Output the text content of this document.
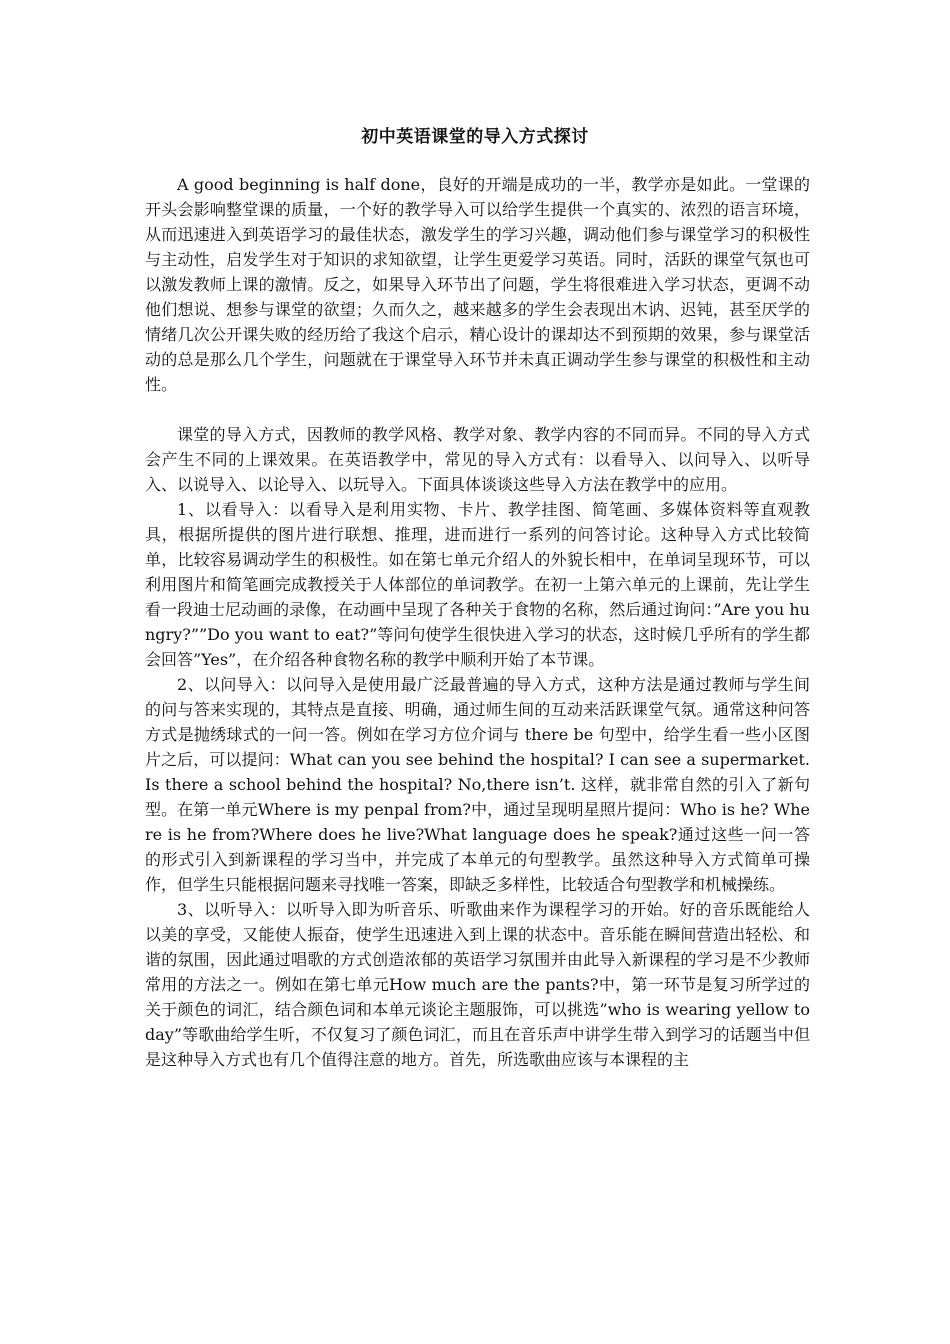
初中英语课堂的导入方式探讨

A good beginning is half done，良好的开端是成功的一半，教学亦是如此。一堂课的开头会影响整堂课的质量，一个好的教学导入可以给学生提供一个真实的、浓烈的语言环境，从而迅速进入到英语学习的最佳状态，激发学生的学习兴趣，调动他们参与课堂学习的积极性与主动性，启发学生对于知识的求知欲望，让学生更爱学习英语。同时，活跃的课堂气氛也可以激发教师上课的激情。反之，如果导入环节出了问题，学生将很难进入学习状态，更调不动他们想说、想参与课堂的欲望；久而久之，越来越多的学生会表现出木讷、迟钝，甚至厌学的情绪几次公开课失败的经历给了我这个启示，精心设计的课却达不到预期的效果，参与课堂活动的总是那么几个学生，问题就在于课堂导入环节并未真正调动学生参与课堂的积极性和主动性。

课堂的导入方式，因教师的教学风格、教学对象、教学内容的不同而异。不同的导入方式会产生不同的上课效果。在英语教学中，常见的导入方式有：以看导入、以问导入、以听导入、以说导入、以论导入、以玩导入。下面具体谈谈这些导入方法在教学中的应用。

1、以看导入：以看导入是利用实物、卡片、教学挂图、简笔画、多媒体资料等直观教具，根据所提供的图片进行联想、推理，进而进行一系列的问答讨论。这种导入方式比较简单，比较容易调动学生的积极性。如在第七单元介绍人的外貌长相中，在单词呈现环节，可以利用图片和简笔画完成教授关于人体部位的单词教学。在初一上第六单元的上课前，先让学生看一段迪士尼动画的录像，在动画中呈现了各种关于食物的名称，然后通过询问：”Are you hungry?””Do you want to eat?”等问句使学生很快进入学习的状态，这时候几乎所有的学生都会回答”Yes”，在介绍各种食物名称的教学中顺利开始了本节课。

2、以问导入：以问导入是使用最广泛最普遍的导入方式，这种方法是通过教师与学生间的问与答来实现的，其特点是直接、明确，通过师生间的互动来活跃课堂气氛。通常这种问答方式是抛绣球式的一问一答。例如在学习方位介词与 there be 句型中，给学生看一些小区图片之后，可以提问：What can you see behind the hospital? I can see a supermarket. Is there a school behind the hospital? No,there isn’t. 这样，就非常自然的引入了新句型。在第一单元Where is my penpal from?中，通过呈现明星照片提问：Who is he? Where is he from?Where does he live?What language does he speak?通过这些一问一答的形式引入到新课程的学习当中，并完成了本单元的句型教学。虽然这种导入方式简单可操作，但学生只能根据问题来寻找唯一答案，即缺乏多样性，比较适合句型教学和机械操练。

3、以听导入：以听导入即为听音乐、听歌曲来作为课程学习的开始。好的音乐既能给人以美的享受，又能使人振奋，使学生迅速进入到上课的状态中。音乐能在瞬间营造出轻松、和谐的氛围，因此通过唱歌的方式创造浓郁的英语学习氛围并由此导入新课程的学习是不少教师常用的方法之一。例如在第七单元How much are the pants?中，第一环节是复习所学过的关于颜色的词汇，结合颜色词和本单元谈论主题服饰，可以挑选”who is wearing yellow today”等歌曲给学生听，不仅复习了颜色词汇，而且在音乐声中讲学生带入到学习的话题当中但是这种导入方式也有几个值得注意的地方。首先，所选歌曲应该与本课程的主
